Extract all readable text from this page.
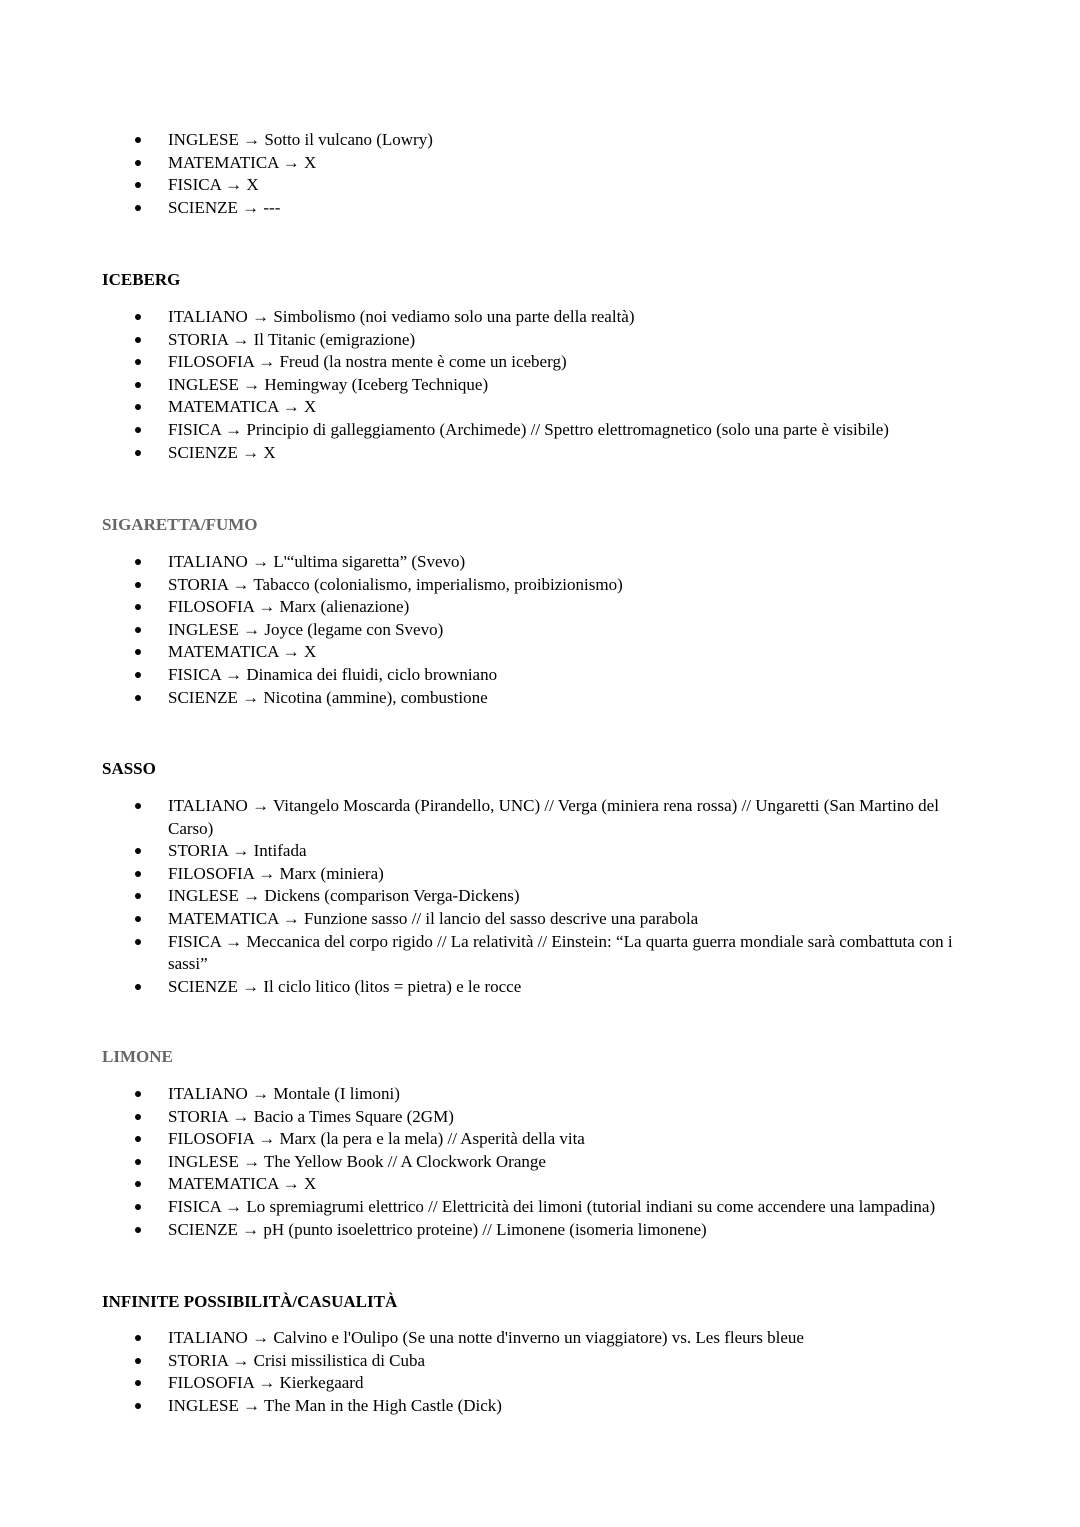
INGLESE → Sotto il vulcano (Lowry)
MATEMATICA → X
FISICA → X
SCIENZE → ---
ICEBERG
ITALIANO → Simbolismo (noi vediamo solo una parte della realtà)
STORIA → Il Titanic (emigrazione)
FILOSOFIA → Freud (la nostra mente è come un iceberg)
INGLESE → Hemingway (Iceberg Technique)
MATEMATICA → X
FISICA → Principio di galleggiamento (Archimede) // Spettro elettromagnetico (solo una parte è visibile)
SCIENZE → X
SIGARETTA/FUMO
ITALIANO → L'“ultima sigaretta” (Svevo)
STORIA → Tabacco (colonialismo, imperialismo, proibizionismo)
FILOSOFIA → Marx (alienazione)
INGLESE → Joyce (legame con Svevo)
MATEMATICA → X
FISICA → Dinamica dei fluidi, ciclo browniano
SCIENZE → Nicotina (ammine), combustione
SASSO
ITALIANO → Vitangelo Moscarda (Pirandello, UNC) // Verga (miniera rena rossa) // Ungaretti (San Martino del Carso)
STORIA → Intifada
FILOSOFIA → Marx (miniera)
INGLESE → Dickens (comparison Verga-Dickens)
MATEMATICA → Funzione sasso // il lancio del sasso descrive una parabola
FISICA → Meccanica del corpo rigido // La relatività // Einstein: “La quarta guerra mondiale sarà combattuta con i sassi”
SCIENZE → Il ciclo litico (litos = pietra) e le rocce
LIMONE
ITALIANO → Montale (I limoni)
STORIA → Bacio a Times Square (2GM)
FILOSOFIA → Marx (la pera e la mela) // Asperità della vita
INGLESE → The Yellow Book // A Clockwork Orange
MATEMATICA → X
FISICA → Lo spremiagrumi elettrico // Elettricità dei limoni (tutorial indiani su come accendere una lampadina)
SCIENZE → pH (punto isoelettrico proteine) // Limonene (isomeria limonene)
INFINITE POSSIBILITÀ/CASUALITÀ
ITALIANO → Calvino e l'Oulipo (Se una notte d'inverno un viaggiatore) vs. Les fleurs bleue
STORIA → Crisi missilistica di Cuba
FILOSOFIA → Kierkegaard
INGLESE → The Man in the High Castle (Dick)
